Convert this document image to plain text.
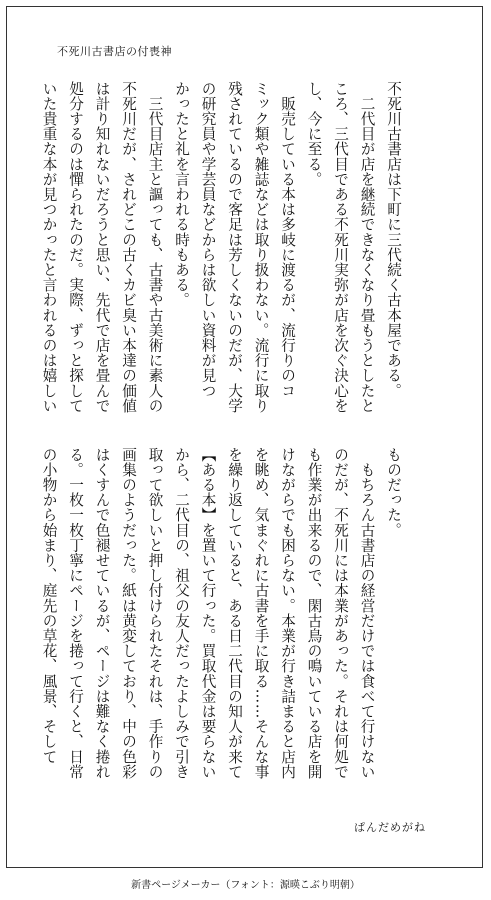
不死川古書店の付喪神
不死川古書店は下町に三代続く古本屋である。
　二代目が店を継続できなくなり畳もうとしたと
ころ、三代目である不死川実弥が店を次ぐ決心を
し、今に至る。
　販売している本は多岐に渡るが、流行りのコ
ミック類や雑誌などは取り扱わない。流行に取り
残されているので客足は芳しくないのだが、大学
の研究員や学芸員などからは欲しい資料が見つ
かったと礼を言われる時もある。
　三代目店主と謳っても、古書や古美術に素人の
不死川だが、されどこの古くカビ臭い本達の価値
は計り知れないだろうと思い、先代で店を畳んで
処分するのは憚られたのだ。実際、ずっと探して
いた貴重な本が見つかったと言われるのは嬉しい
ものだった。
　もちろん古書店の経営だけでは食べて行けない
のだが、不死川には本業があった。それは何処で
も作業が出来るので、閑古鳥の鳴いている店を開
けながらでも困らない。本業が行き詰まると店内
を眺め、気まぐれに古書を手に取る……そんな事
を繰り返していると、ある日二代目の知人が来て
【ある本】を置いて行った。買取代金は要らない
から、二代目の、祖父の友人だったよしみで引き
取って欲しいと押し付けられたそれは、手作りの
画集のようだった。紙は黄変しており、中の色彩
はくすんで色褪せているが、ページは難なく捲れ
る。一枚一枚丁寧にページを捲って行くと、日常
の小物から始まり、庭先の草花、風景、そして
ぱんだめがね
新書ページメーカー（フォント：源暎こぶり明朝）
